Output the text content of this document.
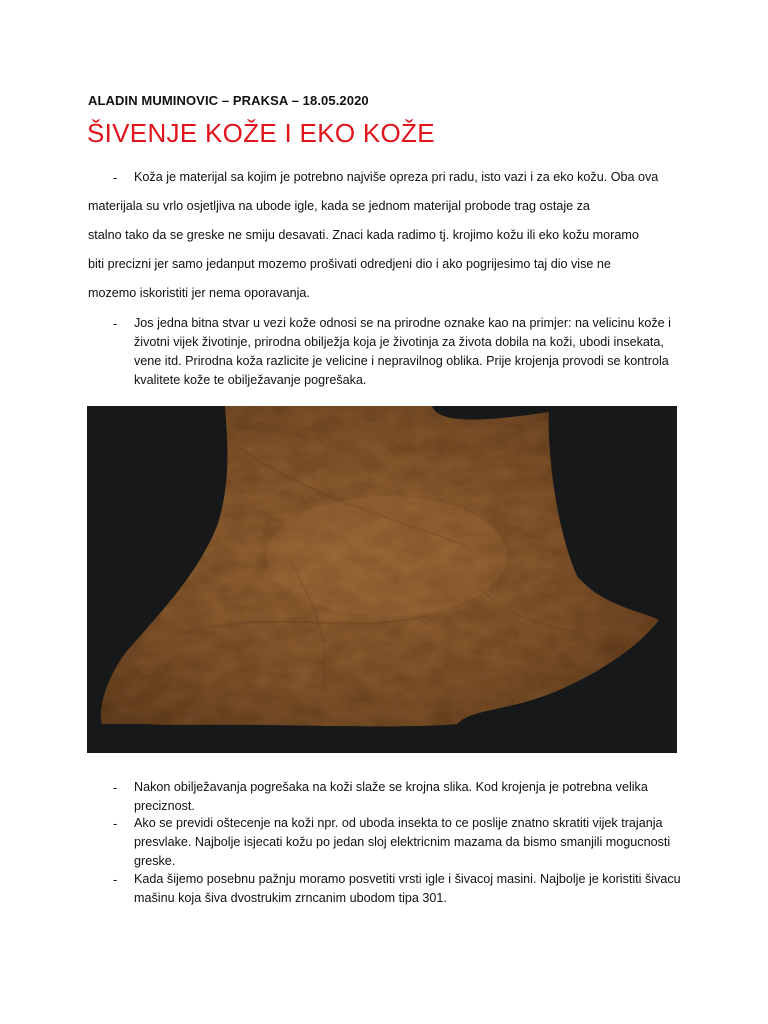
ALADIN MUMINOVIC – PRAKSA – 18.05.2020
ŠIVENJE KOŽE I EKO KOŽE
- Koža je materijal sa kojim je potrebno najviše opreza pri radu, isto vazi i za eko kožu. Oba ova
materijala su vrlo osjetljiva na ubode igle, kada se jednom materijal probode trag ostaje za
stalno tako da se greske ne smiju desavati. Znaci kada radimo tj. krojimo kožu ili eko kožu moramo
biti precizni jer samo jedanput mozemo prošivati odredjeni dio i ako pogrijesimo taj dio vise ne
mozemo iskoristiti jer nema oporavanja.
- Jos jedna bitna stvar u vezi kože odnosi se na prirodne oznake kao na primjer: na velicinu kože i životni vijek životinje, prirodna obilježja koja je životinja za života dobila na koži, ubodi insekata, vene itd. Prirodna koža razlicite je velicine i nepravilnog oblika. Prije krojenja provodi se kontrola kvalitete kože te obilježavanje pogrešaka.
- Nakon obilježavanja pogrešaka na koži slaže se krojna slika. Kod krojenja je potrebna velika preciznost.
- Ako se previdi oštecenje na koži npr. od uboda insekta to ce poslije znatno skratiti vijek trajanja presvlake. Najbolje isjecati kožu po jedan sloj elektricnim mazama da bismo smanjili mogucnosti greske.
- Kada šijemo posebnu pažnju moramo posvetiti vrsti igle i šivacoj masini. Najbolje je koristiti šivacu mašinu koja šiva dvostrukim zrncanim ubodom tipa 301.
